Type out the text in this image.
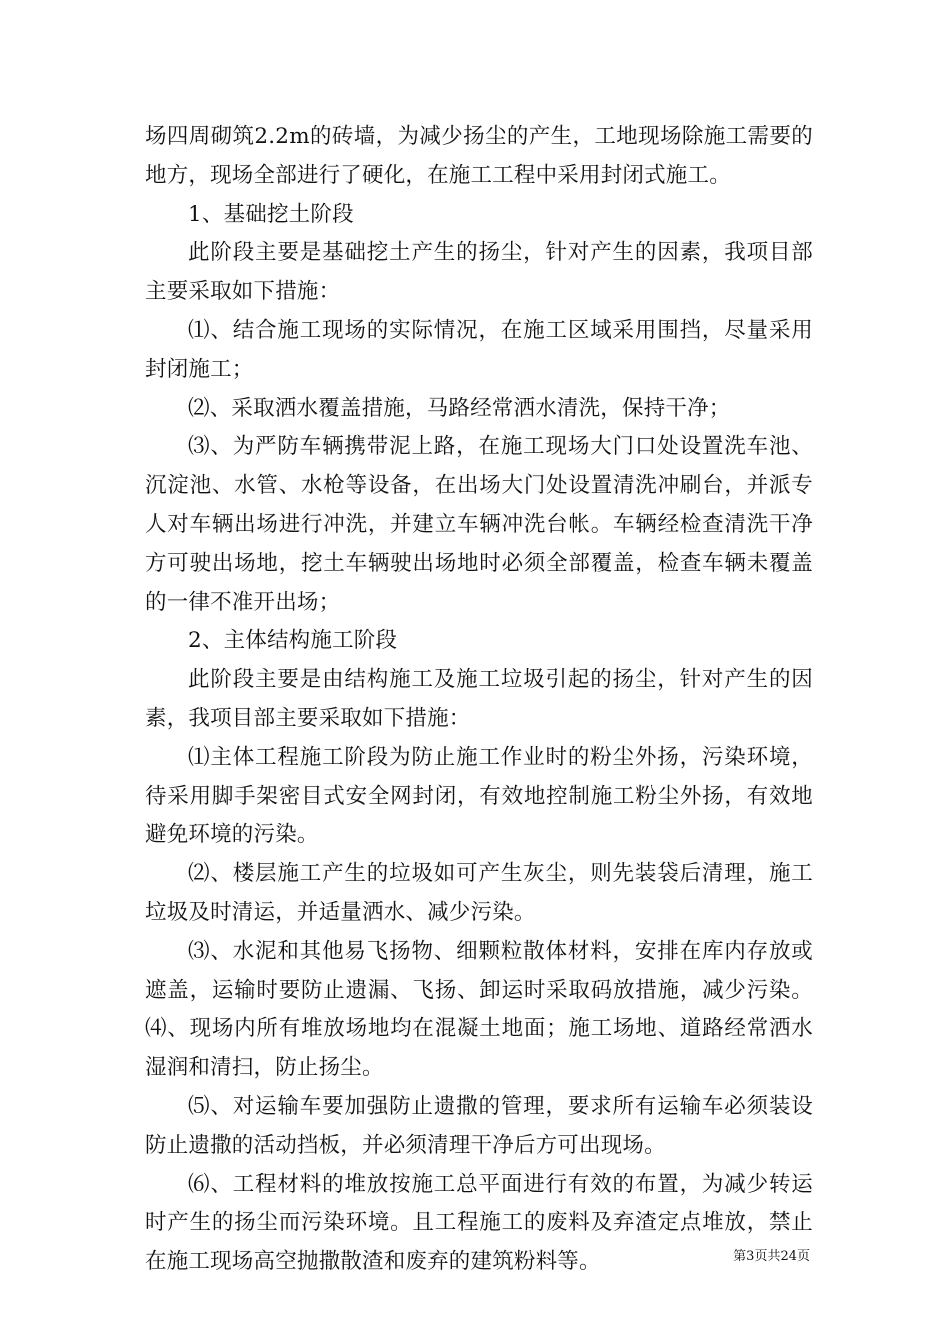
场四周砌筑2.2m的砖墙，为减少扬尘的产生，工地现场除施工需要的地方，现场全部进行了硬化，在施工工程中采用封闭式施工。

1、基础挖土阶段

此阶段主要是基础挖土产生的扬尘，针对产生的因素，我项目部主要采取如下措施：

⑴、结合施工现场的实际情况，在施工区域采用围挡，尽量采用封闭施工；

⑵、采取洒水覆盖措施，马路经常洒水清洗，保持干净；

⑶、为严防车辆携带泥上路，在施工现场大门口处设置洗车池、沉淀池、水管、水枪等设备，在出场大门处设置清洗冲刷台，并派专人对车辆出场进行冲洗，并建立车辆冲洗台帐。车辆经检查清洗干净方可驶出场地，挖土车辆驶出场地时必须全部覆盖，检查车辆未覆盖的一律不准开出场；

2、主体结构施工阶段

此阶段主要是由结构施工及施工垃圾引起的扬尘，针对产生的因素，我项目部主要采取如下措施：

⑴主体工程施工阶段为防止施工作业时的粉尘外扬，污染环境，待采用脚手架密目式安全网封闭，有效地控制施工粉尘外扬，有效地避免环境的污染。

⑵、楼层施工产生的垃圾如可产生灰尘，则先装袋后清理，施工垃圾及时清运，并适量洒水、减少污染。

⑶、水泥和其他易飞扬物、细颗粒散体材料，安排在库内存放或遮盖，运输时要防止遗漏、飞扬、卸运时采取码放措施，减少污染。⑷、现场内所有堆放场地均在混凝土地面；施工场地、道路经常洒水湿润和清扫，防止扬尘。

⑸、对运输车要加强防止遗撒的管理，要求所有运输车必须装设防止遗撒的活动挡板，并必须清理干净后方可出现场。

⑹、工程材料的堆放按施工总平面进行有效的布置，为减少转运时产生的扬尘而污染环境。且工程施工的废料及弃渣定点堆放，禁止在施工现场高空抛撒散渣和废弃的建筑粉料等。	第3页共24页
